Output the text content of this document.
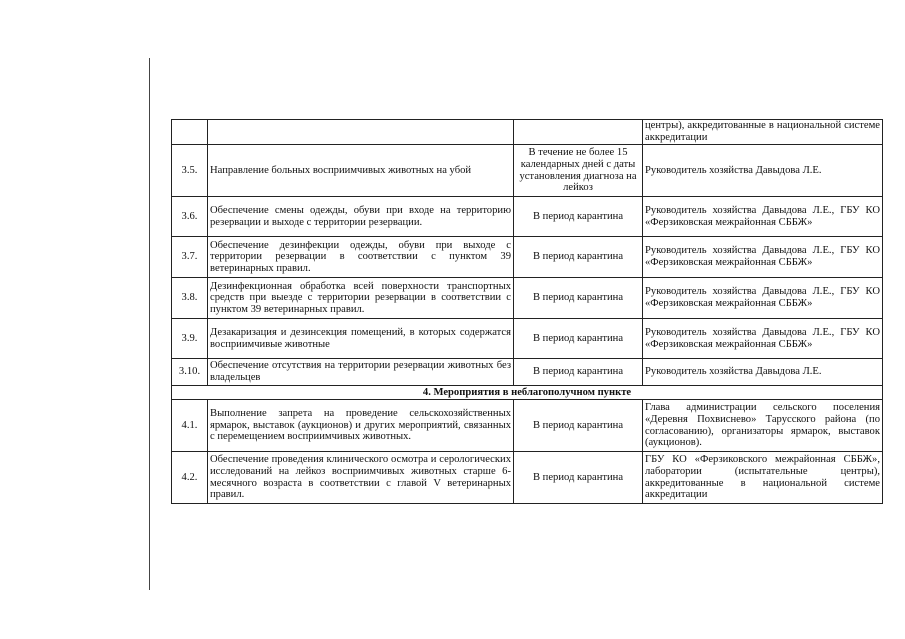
			центры), аккредитованные в национальной системе аккредитации
3.5.	Направление больных восприимчивых животных на убой	В течение не более 15 календарных дней с даты установления диагноза на лейкоз	Руководитель хозяйства Давыдова Л.Е.
3.6.	Обеспечение смены одежды, обуви при входе на территорию резервации и выходе с территории резервации.	В период карантина	Руководитель хозяйства Давыдова Л.Е., ГБУ КО «Ферзиковская межрайонная СББЖ»
3.7.	Обеспечение дезинфекции одежды, обуви при выходе с территории резервации в соответствии с пунктом 39 ветеринарных правил.	В период карантина	Руководитель хозяйства Давыдова Л.Е., ГБУ КО «Ферзиковская межрайонная СББЖ»
3.8.	Дезинфекционная обработка всей поверхности транспортных средств при выезде с территории резервации в соответствии с пунктом 39 ветеринарных правил.	В период карантина	Руководитель хозяйства Давыдова Л.Е., ГБУ КО «Ферзиковская межрайонная СББЖ»
3.9.	Дезакаризация и дезинсекция помещений, в которых содержатся восприимчивые животные	В период карантина	Руководитель хозяйства Давыдова Л.Е., ГБУ КО «Ферзиковская межрайонная СББЖ»
3.10.	Обеспечение отсутствия на территории резервации животных без владельцев	В период карантина	Руководитель хозяйства Давыдова Л.Е.
4. Мероприятия в неблагополучном пункте			
4.1.	Выполнение запрета на проведение сельскохозяйственных ярмарок, выставок (аукционов) и других мероприятий, связанных с перемещением восприимчивых животных.	В период карантина	Глава администрации сельского поселения «Деревня Похвиснево» Тарусского района (по согласованию), организаторы ярмарок, выставок (аукционов).
4.2.	Обеспечение проведения клинического осмотра и серологических исследований на лейкоз восприимчивых животных старше 6-месячного возраста в соответствии с главой V ветеринарных правил.	В период карантина	ГБУ КО «Ферзиковского межрайонная СББЖ», лаборатории (испытательные центры), аккредитованные в национальной системе аккредитации
